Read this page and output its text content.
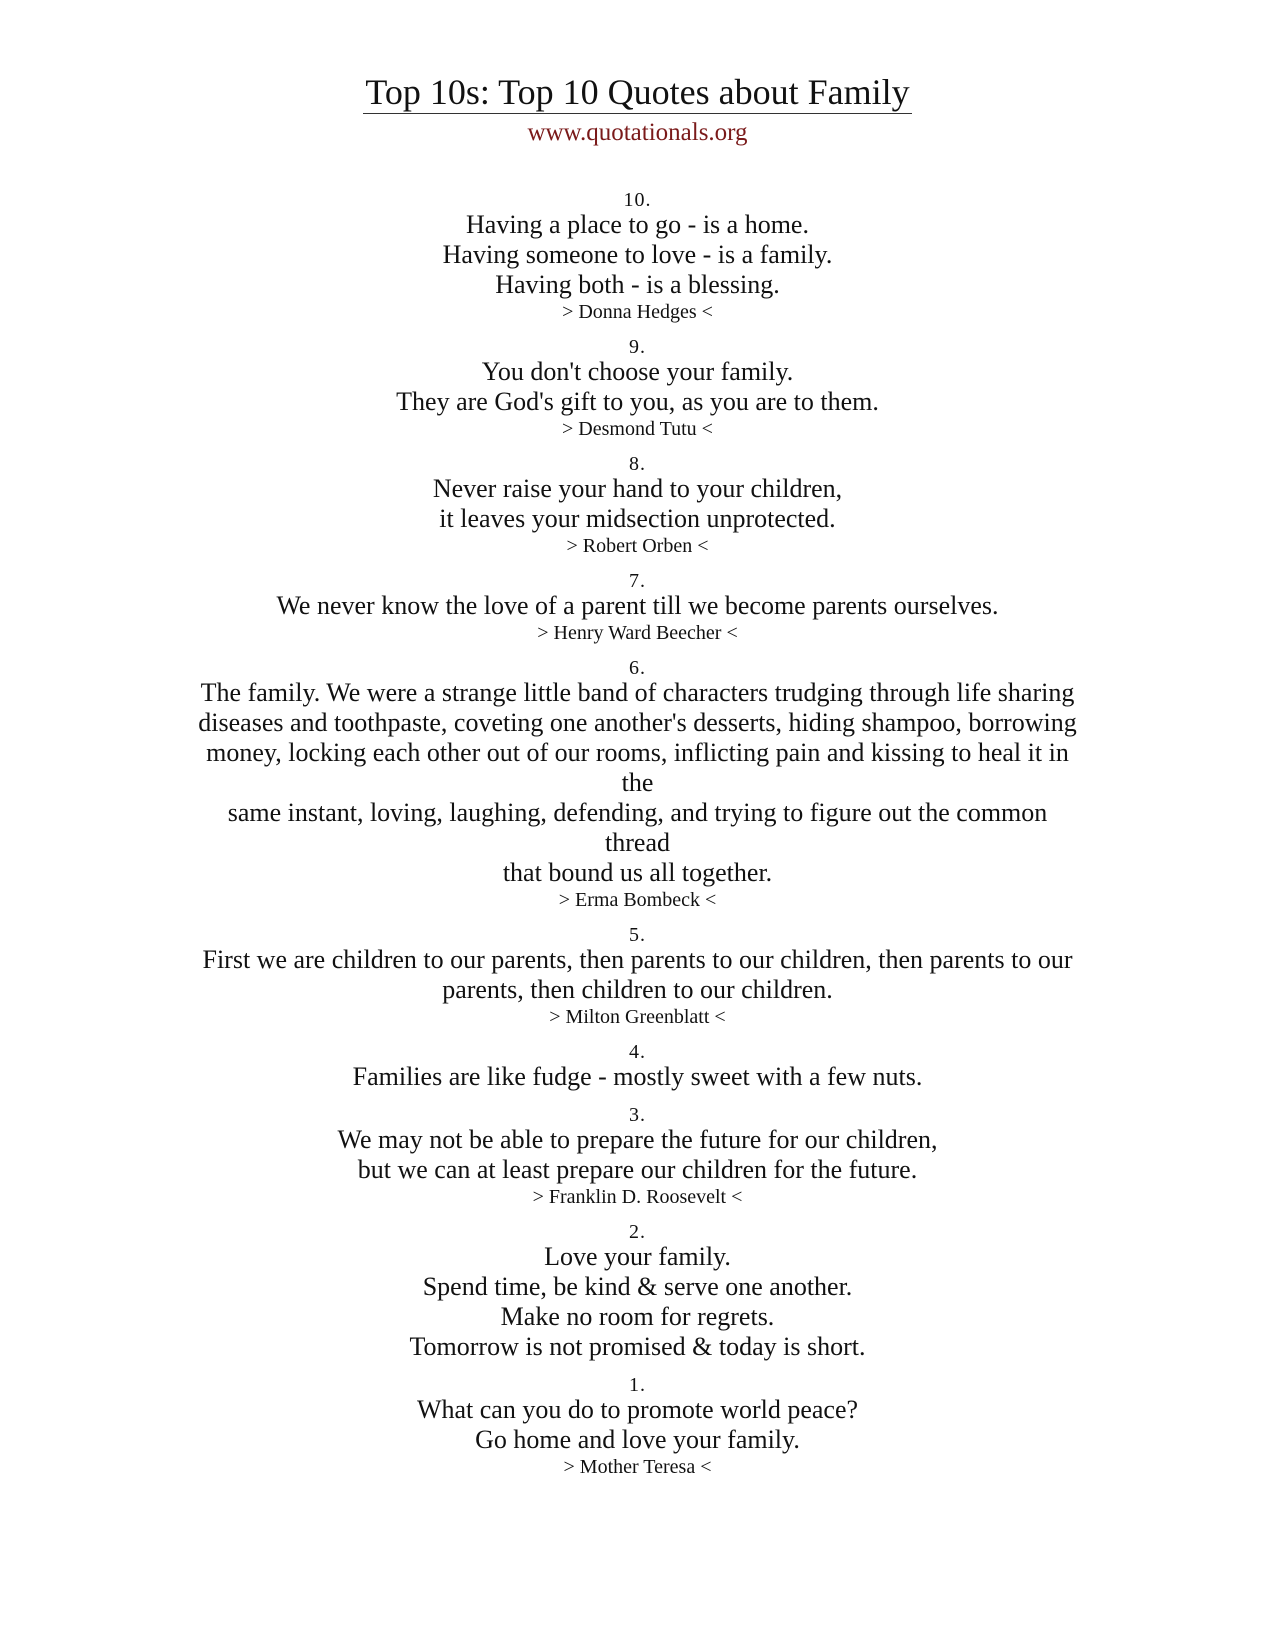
Top 10s: Top 10 Quotes about Family
www.quotationals.org
10.
Having a place to go - is a home.
Having someone to love - is a family.
Having both - is a blessing.
> Donna Hedges <
9.
You don't choose your family.
They are God's gift to you, as you are to them.
> Desmond Tutu <
8.
Never raise your hand to your children,
it leaves your midsection unprotected.
> Robert Orben <
7.
We never know the love of a parent till we become parents ourselves.
> Henry Ward Beecher <
6.
The family. We were a strange little band of characters trudging through life sharing
diseases and toothpaste, coveting one another's desserts, hiding shampoo, borrowing
money, locking each other out of our rooms, inflicting pain and kissing to heal it in the
same instant, loving, laughing, defending, and trying to figure out the common thread
that bound us all together.
> Erma Bombeck <
5.
First we are children to our parents, then parents to our children, then parents to our
parents, then children to our children.
> Milton Greenblatt <
4.
Families are like fudge - mostly sweet with a few nuts.
3.
We may not be able to prepare the future for our children,
but we can at least prepare our children for the future.
> Franklin D. Roosevelt <
2.
Love your family.
Spend time, be kind & serve one another.
Make no room for regrets.
Tomorrow is not promised & today is short.
1.
What can you do to promote world peace?
Go home and love your family.
> Mother Teresa <
